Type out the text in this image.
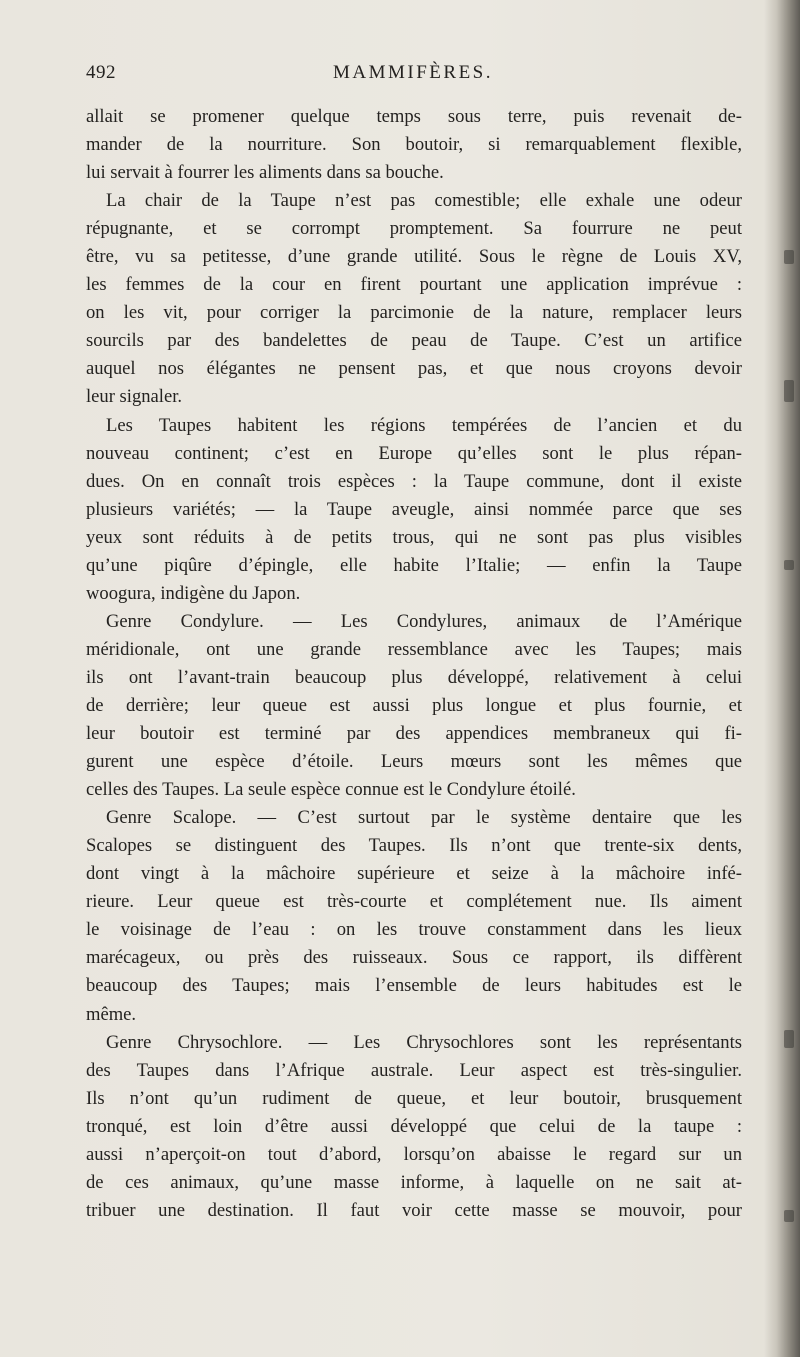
492	MAMMIFÈRES.
allait se promener quelque temps sous terre, puis revenait de-
mander de la nourriture. Son boutoir, si remarquablement flexible,
lui servait à fourrer les aliments dans sa bouche.
La chair de la Taupe n’est pas comestible; elle exhale une odeur
répugnante, et se corrompt promptement. Sa fourrure ne peut
être, vu sa petitesse, d’une grande utilité. Sous le règne de Louis XV,
les femmes de la cour en firent pourtant une application imprévue :
on les vit, pour corriger la parcimonie de la nature, remplacer leurs
sourcils par des bandelettes de peau de Taupe. C’est un artifice
auquel nos élégantes ne pensent pas, et que nous croyons devoir
leur signaler.
Les Taupes habitent les régions tempérées de l’ancien et du
nouveau continent; c’est en Europe qu’elles sont le plus répan-
dues. On en connaît trois espèces : la Taupe commune, dont il existe
plusieurs variétés; — la Taupe aveugle, ainsi nommée parce que ses
yeux sont réduits à de petits trous, qui ne sont pas plus visibles
qu’une piqûre d’épingle, elle habite l’Italie; — enfin la Taupe
woogura, indigène du Japon.
Genre Condylure. — Les Condylures, animaux de l’Amérique
méridionale, ont une grande ressemblance avec les Taupes; mais
ils ont l’avant-train beaucoup plus développé, relativement à celui
de derrière; leur queue est aussi plus longue et plus fournie, et
leur boutoir est terminé par des appendices membraneux qui fi-
gurent une espèce d’étoile. Leurs mœurs sont les mêmes que
celles des Taupes. La seule espèce connue est le Condylure étoilé.
Genre Scalope. — C’est surtout par le système dentaire que les
Scalopes se distinguent des Taupes. Ils n’ont que trente-six dents,
dont vingt à la mâchoire supérieure et seize à la mâchoire infé-
rieure. Leur queue est très-courte et complétement nue. Ils aiment
le voisinage de l’eau : on les trouve constamment dans les lieux
marécageux, ou près des ruisseaux. Sous ce rapport, ils diffèrent
beaucoup des Taupes; mais l’ensemble de leurs habitudes est le
même.
Genre Chrysochlore. — Les Chrysochlores sont les représentants
des Taupes dans l’Afrique australe. Leur aspect est très-singulier.
Ils n’ont qu’un rudiment de queue, et leur boutoir, brusquement
tronqué, est loin d’être aussi développé que celui de la taupe :
aussi n’aperçoit-on tout d’abord, lorsqu’on abaisse le regard sur un
de ces animaux, qu’une masse informe, à laquelle on ne sait at-
tribuer une destination. Il faut voir cette masse se mouvoir, pour
